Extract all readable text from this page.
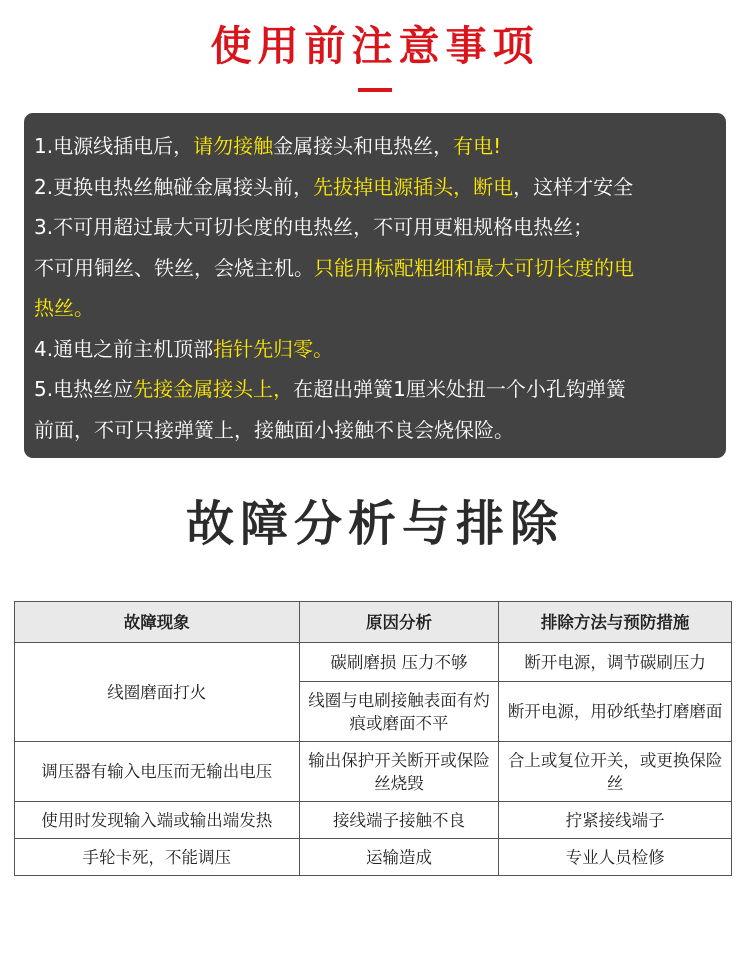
使用前注意事项

1.电源线插电后，请勿接触金属接头和电热丝，有电!

2.更换电热丝触碰金属接头前，先拔掉电源插头，断电，这样才安全

3.不可用超过最大可切长度的电热丝，不可用更粗规格电热丝；

不可用铜丝、铁丝，会烧主机。只能用标配粗细和最大可切长度的电

热丝。

4.通电之前主机顶部指针先归零。

5.电热丝应先接金属接头上，在超出弹簧1厘米处扭一个小孔钩弹簧

前面，不可只接弹簧上，接触面小接触不良会烧保险。

故障分析与排除
故障现象	原因分析	排除方法与预防措施
线圈磨面打火	碳刷磨损 压力不够	断开电源，调节碳刷压力
	线圈与电刷接触表面有灼痕或磨面不平	断开电源，用砂纸垫打磨磨面
调压器有输入电压而无输出电压	输出保护开关断开或保险丝烧毁	合上或复位开关，或更换保险丝
使用时发现输入端或输出端发热	接线端子接触不良	拧紧接线端子
手轮卡死，不能调压	运输造成	专业人员检修
